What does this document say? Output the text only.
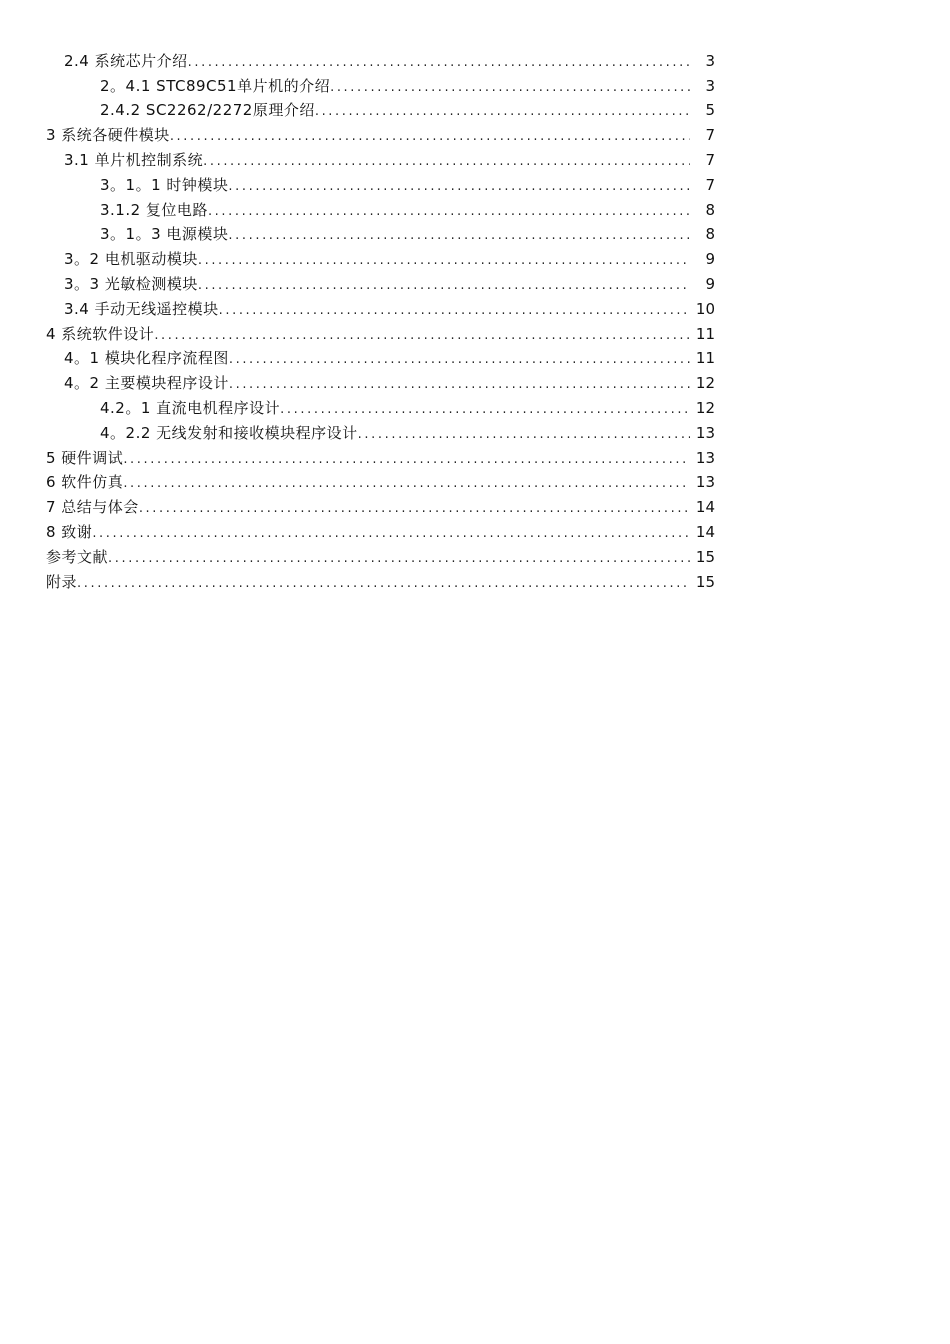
2.4 系统芯片介绍 .....	3
2。4.1 STC89C51单片机的介绍 .....	3
2.4.2 SC2262/2272原理介绍 .....	5
3 系统各硬件模块 .....	7
3.1 单片机控制系统 .....	7
3。1。1 时钟模块 .....	7
3.1.2 复位电路 .....	8
3。1。3 电源模块 .....	8
3。2 电机驱动模块 .....	9
3。3 光敏检测模块 .....	9
3.4 手动无线遥控模块 .....	10
4 系统软件设计 .....	11
4。1 模块化程序流程图 .....	11
4。2 主要模块程序设计 .....	12
4.2。1 直流电机程序设计 .....	12
4。2.2 无线发射和接收模块程序设计 .....	13
5 硬件调试 .....	13
6 软件仿真 .....	13
7 总结与体会 .....	14
8 致谢 .....	14
参考文献 .....	15
附录 .....	15
